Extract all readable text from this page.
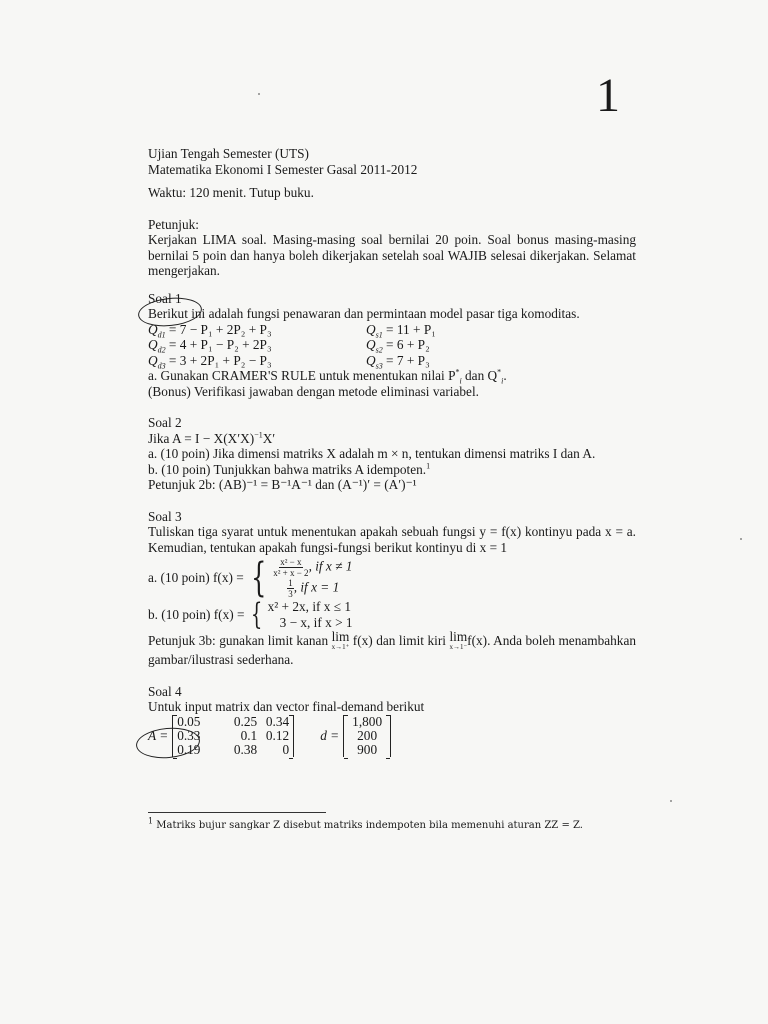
1
Ujian Tengah Semester (UTS)
Matematika Ekonomi I Semester Gasal 2011-2012
Waktu: 120 menit. Tutup buku.
Petunjuk:
Kerjakan LIMA soal. Masing-masing soal bernilai 20 poin. Soal bonus masing-masing bernilai 5 poin dan hanya boleh dikerjakan setelah soal WAJIB selesai dikerjakan. Selamat mengerjakan.
Soal 1
Berikut ini adalah fungsi penawaran dan permintaan model pasar tiga komoditas.
$Q_{d1} = 7 - P_1 + 2P_2 + P_3$	$Q_{s1} = 11 + P_1$
$Q_{d2} = 4 + P_1 - P_2 + 2P_3$	$Q_{s2} = 6 + P_2$
$Q_{d3} = 3 + 2P_1 + P_2 - P_3$	$Q_{s3} = 7 + P_3$
a. Gunakan CRAMER'S RULE untuk menentukan nilai $P^*_i$ dan $Q^*_i$.
(Bonus) Verifikasi jawaban dengan metode eliminasi variabel.
Soal 2
Jika $A = I - X(X'X)^{-1}X'$
a. (10 poin) Jika dimensi matriks X adalah m × n, tentukan dimensi matriks I dan A.
b. (10 poin) Tunjukkan bahwa matriks A idempoten.$^1$
Petunjuk 2b: (AB)⁻¹ = B⁻¹A⁻¹ dan (A⁻¹)′ = (A′)⁻¹
Soal 3
Tuliskan tiga syarat untuk menentukan apakah sebuah fungsi y = f(x) kontinyu pada x = a. Kemudian, tentukan apakah fungsi-fungsi berikut kontinyu di x = 1
a. (10 poin) f(x) = { $\frac{\text{x² − x}}{\text{x² + x − 2}}$ , if x ≠ 1
$\frac{1}{3}$ , if x = 1
b. (10 poin) f(x) = { x² + 2x, if x ≤ 1
3 − x, if x > 1
Petunjuk 3b: gunakan limit kanan lim
x→1⁺ f(x) dan limit kiri lim
x→1⁻ f(x). Anda boleh menambahkan gambar/ilustrasi sederhana.
Soal 4
Untuk input matrix dan vector final-demand berikut
A =
0.05	0.25 0.34
0.33	0.1 0.12
0.19	0.38	0
d =
1,800
200
900
$^1$ Matriks bujur sangkar Z disebut matriks indempoten bila memenuhi aturan ZZ = Z.
